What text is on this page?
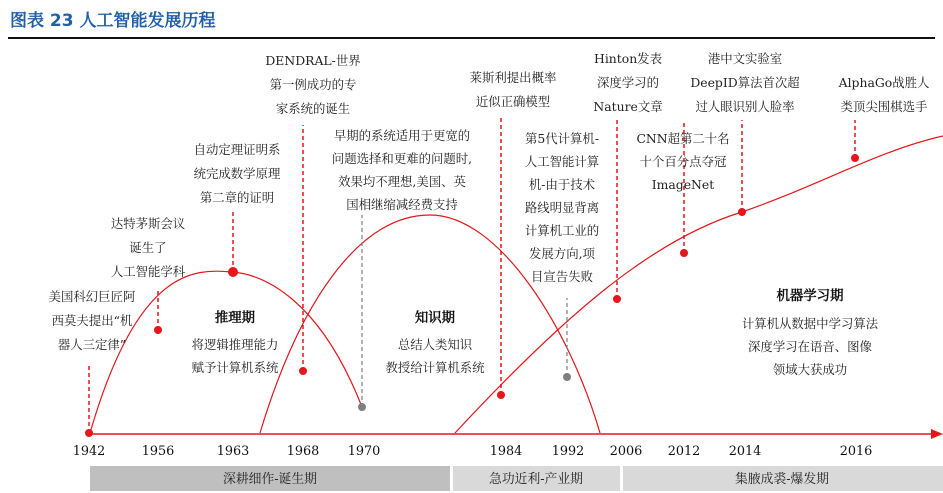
图表 23 人工智能发展历程
深耕细作-诞生期	急功近利-产业期	集腋成裘-爆发期
1942	1956	1963	1968 1970	1984 1992 2006 2012 2014	2016
推理期
将逻辑推理能力
赋予计算机系统
知识期
总结人类知识
教授给计算机系统
机器学习期
计算机从数据中学习算法
深度学习在语音、图像
领域大获成功
美国科幻巨匠阿
西莫夫提出“机
器人三定律”
达特茅斯会议
诞生了
人工智能学科
自动定理证明系
统完成数学原理
第二章的证明
DENDRAL-世界
第一例成功的专
家系统的诞生
早期的系统适用于更宽的
问题选择和更难的问题时,
效果均不理想,美国、英
国相继缩减经费支持
莱斯利提出概率
近似正确模型
第5代计算机-
人工智能计算
机-由于技术
路线明显背离
计算机工业的
发展方向,项
目宣告失败
Hinton发表
深度学习的
Nature文章
CNN超第二十名
十个百分点夺冠
ImageNet
港中文实验室
DeepID算法首次超
过人眼识别人脸率
AlphaGo战胜人
类顶尖围棋选手
